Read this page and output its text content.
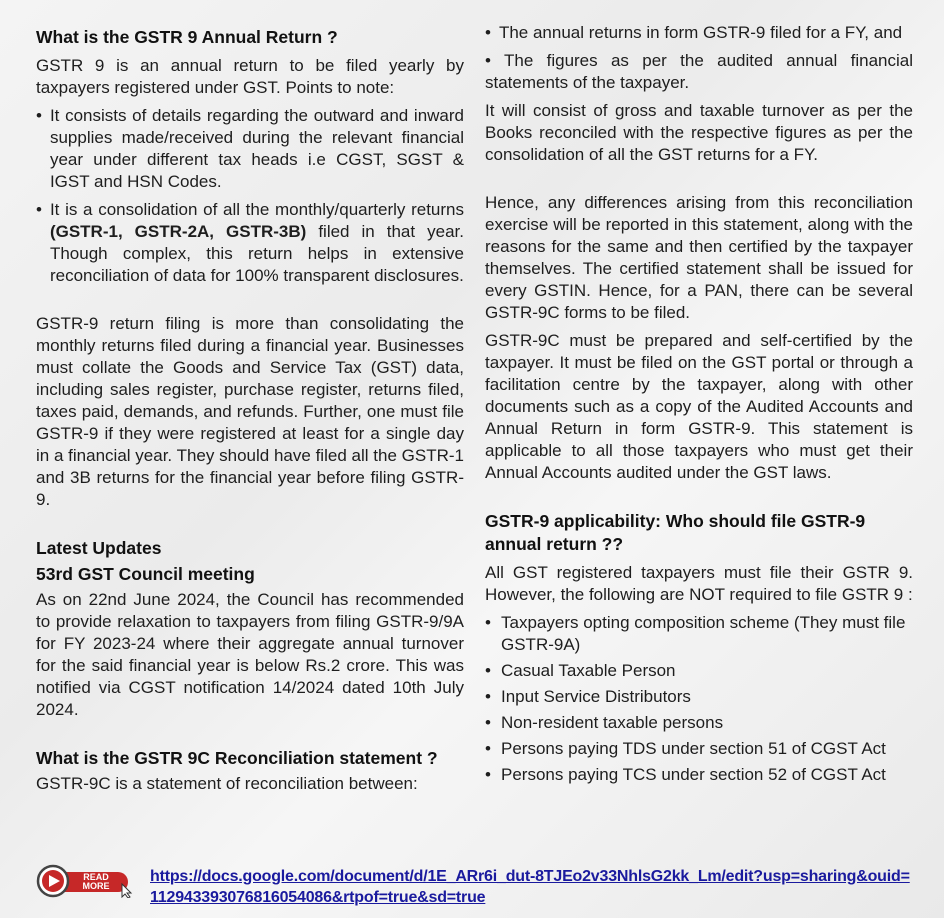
What is the GSTR 9 Annual Return ?

GSTR 9 is an annual return to be filed yearly by taxpayers registered under GST. Points to note:

• It consists of details regarding the outward and inward supplies made/received during the relevant financial year under different tax heads i.e CGST, SGST & IGST and HSN Codes.
• It is a consolidation of all the monthly/quarterly returns (GSTR-1, GSTR-2A, GSTR-3B) filed in that year. Though complex, this return helps in extensive reconciliation of data for 100% transparent disclosures.

GSTR-9 return filing is more than consolidating the monthly returns filed during a financial year. Businesses must collate the Goods and Service Tax (GST) data, including sales register, purchase register, returns filed, taxes paid, demands, and refunds. Further, one must file GSTR-9 if they were registered at least for a single day in a financial year. They should have filed all the GSTR-1 and 3B returns for the financial year before filing GSTR-9.

Latest Updates
53rd GST Council meeting

As on 22nd June 2024, the Council has recommended to provide relaxation to taxpayers from filing GSTR-9/9A for FY 2023-24 where their aggregate annual turnover for the said financial year is below Rs.2 crore. This was notified via CGST notification 14/2024 dated 10th July 2024.

What is the GSTR 9C Reconciliation statement ?

GSTR-9C is a statement of reconciliation between:

• The annual returns in form GSTR-9 filed for a FY, and
• The figures as per the audited annual financial statements of the taxpayer.

It will consist of gross and taxable turnover as per the Books reconciled with the respective figures as per the consolidation of all the GST returns for a FY.

Hence, any differences arising from this reconciliation exercise will be reported in this statement, along with the reasons for the same and then certified by the taxpayer themselves. The certified statement shall be issued for every GSTIN. Hence, for a PAN, there can be several GSTR-9C forms to be filed.

GSTR-9C must be prepared and self-certified by the taxpayer. It must be filed on the GST portal or through a facilitation centre by the taxpayer, along with other documents such as a copy of the Audited Accounts and Annual Return in form GSTR-9. This statement is applicable to all those taxpayers who must get their Annual Accounts audited under the GST laws.

GSTR-9 applicability: Who should file GSTR-9 annual return ??

All GST registered taxpayers must file their GSTR 9. However, the following are NOT required to file GSTR 9 :

• Taxpayers opting composition scheme (They must file GSTR-9A)
• Casual Taxable Person
• Input Service Distributors
• Non-resident taxable persons
• Persons paying TDS under section 51 of CGST Act
• Persons paying TCS under section 52 of CGST Act
READ
MORE
https://docs.google.com/document/d/1E_ARr6i_dut-8TJEo2v33NhlsG2kk_Lm/edit?usp=sharing&ouid=112943393076816054086&rtpof=true&sd=true
